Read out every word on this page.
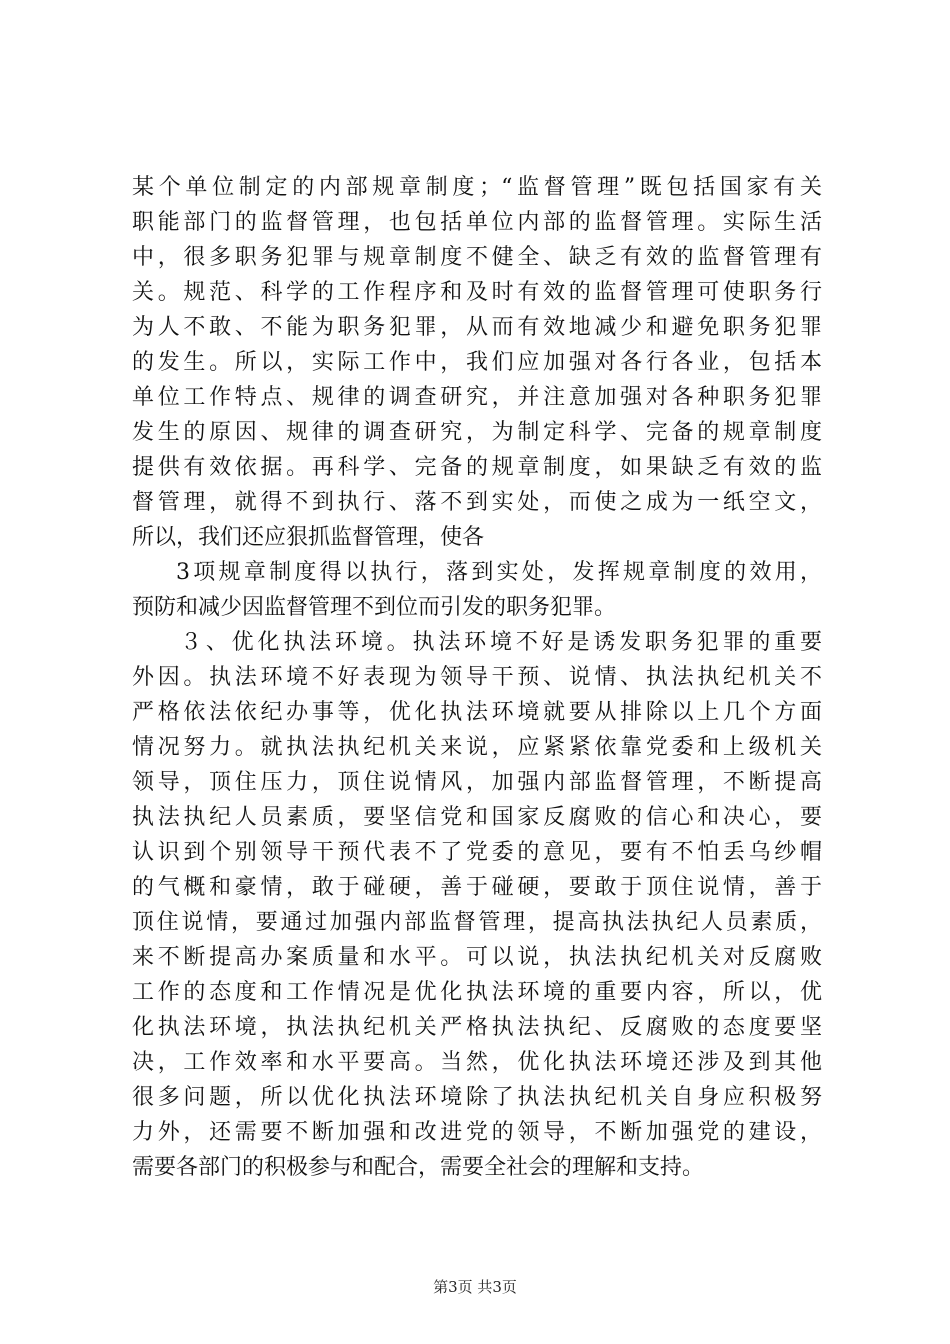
某个单位制定的内部规章制度；“监督管理”既包括国家有关
职能部门的监督管理，也包括单位内部的监督管理。实际生活
中，很多职务犯罪与规章制度不健全、缺乏有效的监督管理有
关。规范、科学的工作程序和及时有效的监督管理可使职务行
为人不敢、不能为职务犯罪，从而有效地减少和避免职务犯罪
的发生。所以，实际工作中，我们应加强对各行各业，包括本
单位工作特点、规律的调查研究，并注意加强对各种职务犯罪
发生的原因、规律的调查研究，为制定科学、完备的规章制度
提供有效依据。再科学、完备的规章制度，如果缺乏有效的监
督管理，就得不到执行、落不到实处，而使之成为一纸空文，
所以，我们还应狠抓监督管理，使各
3项规章制度得以执行，落到实处，发挥规章制度的效用，
预防和减少因监督管理不到位而引发的职务犯罪。
３、优化执法环境。执法环境不好是诱发职务犯罪的重要
外因。执法环境不好表现为领导干预、说情、执法执纪机关不
严格依法依纪办事等，优化执法环境就要从排除以上几个方面
情况努力。就执法执纪机关来说，应紧紧依靠党委和上级机关
领导，顶住压力，顶住说情风，加强内部监督管理，不断提高
执法执纪人员素质，要坚信党和国家反腐败的信心和决心，要
认识到个别领导干预代表不了党委的意见，要有不怕丢乌纱帽
的气概和豪情，敢于碰硬，善于碰硬，要敢于顶住说情，善于
顶住说情，要通过加强内部监督管理，提高执法执纪人员素质，
来不断提高办案质量和水平。可以说，执法执纪机关对反腐败
工作的态度和工作情况是优化执法环境的重要内容，所以，优
化执法环境，执法执纪机关严格执法执纪、反腐败的态度要坚
决，工作效率和水平要高。当然，优化执法环境还涉及到其他
很多问题，所以优化执法环境除了执法执纪机关自身应积极努
力外，还需要不断加强和改进党的领导，不断加强党的建设，
需要各部门的积极参与和配合，需要全社会的理解和支持。
第3页 共3页
